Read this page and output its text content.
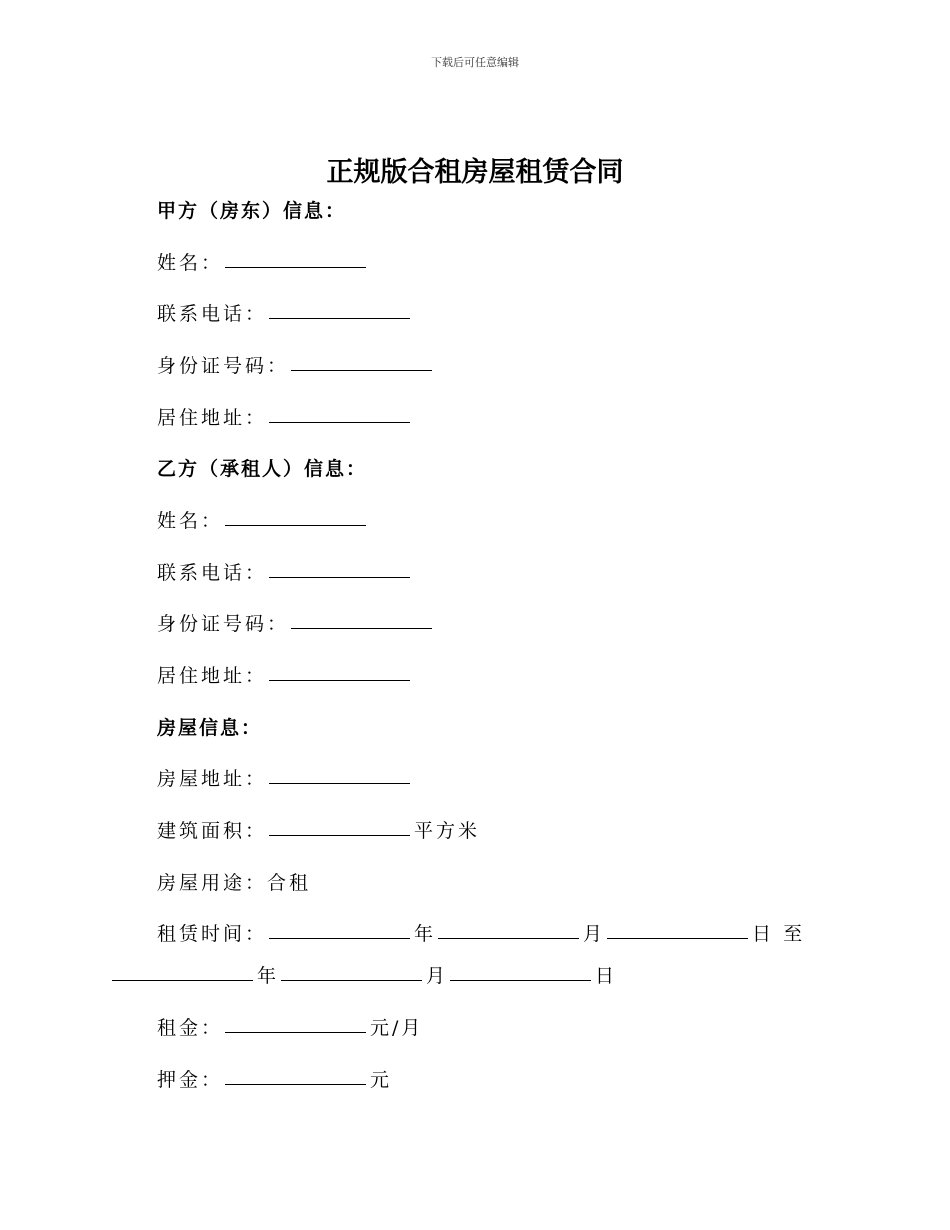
下载后可任意编辑
正规版合租房屋租赁合同
甲方（房东）信息：
姓名：
联系电话：
身份证号码：
居住地址：
乙方（承租人）信息：
姓名：
联系电话：
身份证号码：
居住地址：
房屋信息：
房屋地址：
建筑面积：	平方米
房屋用途：合租
租赁时间：	年	月	日 至
年	月	日
租金：	元/月
押金：	元
